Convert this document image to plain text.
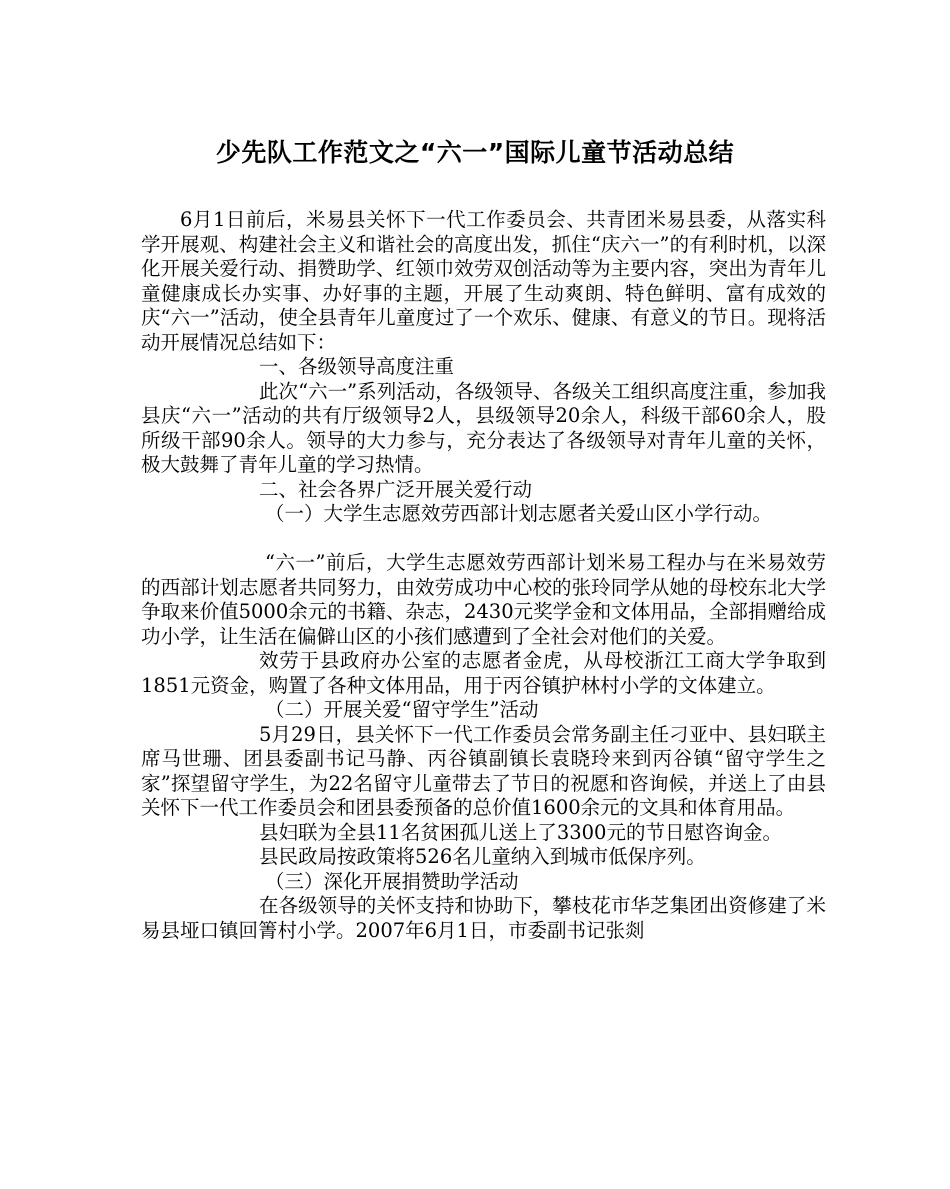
少先队工作范文之“六一”国际儿童节活动总结

6月1日前后，米易县关怀下一代工作委员会、共青团米易县委，从落实科学开展观、构建社会主义和谐社会的高度出发，抓住“庆六一”的有利时机，以深化开展关爱行动、捐赞助学、红领巾效劳双创活动等为主要内容，突出为青年儿童健康成长办实事、办好事的主题，开展了生动爽朗、特色鲜明、富有成效的庆“六一”活动，使全县青年儿童度过了一个欢乐、健康、有意义的节日。现将活动开展情况总结如下：

一、各级领导高度注重

此次“六一”系列活动，各级领导、各级关工组织高度注重，参加我县庆“六一”活动的共有厅级领导2人，县级领导20余人，科级干部60余人，股所级干部90余人。领导的大力参与，充分表达了各级领导对青年儿童的关怀，极大鼓舞了青年儿童的学习热情。

二、社会各界广泛开展关爱行动

（一）大学生志愿效劳西部计划志愿者关爱山区小学行动。

“六一”前后，大学生志愿效劳西部计划米易工程办与在米易效劳的西部计划志愿者共同努力，由效劳成功中心校的张玲同学从她的母校东北大学争取来价值5000余元的书籍、杂志，2430元奖学金和文体用品，全部捐赠给成功小学，让生活在偏僻山区的小孩们感遭到了全社会对他们的关爱。

效劳于县政府办公室的志愿者金虎，从母校浙江工商大学争取到1851元资金，购置了各种文体用品，用于丙谷镇护林村小学的文体建立。

（二）开展关爱“留守学生”活动

5月29日，县关怀下一代工作委员会常务副主任刁亚中、县妇联主席马世珊、团县委副书记马静、丙谷镇副镇长袁晓玲来到丙谷镇“留守学生之家”探望留守学生，为22名留守儿童带去了节日的祝愿和咨询候，并送上了由县关怀下一代工作委员会和团县委预备的总价值1600余元的文具和体育用品。

县妇联为全县11名贫困孤儿送上了3300元的节日慰咨询金。

县民政局按政策将526名儿童纳入到城市低保序列。

（三）深化开展捐赞助学活动

在各级领导的关怀支持和协助下，攀枝花市华芝集团出资修建了米易县垭口镇回箐村小学。2007年6月1日，市委副书记张剡
